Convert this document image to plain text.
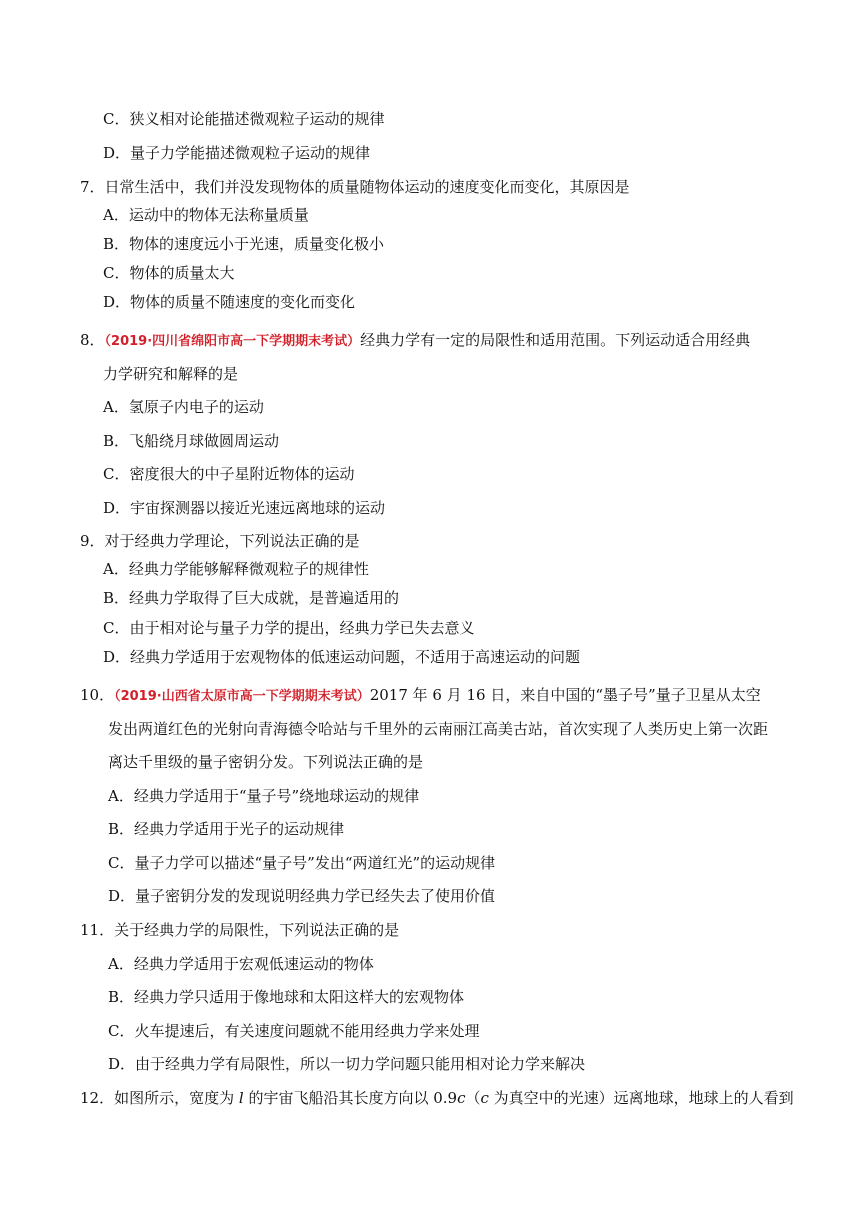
C．狭义相对论能描述微观粒子运动的规律
D．量子力学能描述微观粒子运动的规律
7．日常生活中，我们并没发现物体的质量随物体运动的速度变化而变化，其原因是
A．运动中的物体无法称量质量
B．物体的速度远小于光速，质量变化极小
C．物体的质量太大
D．物体的质量不随速度的变化而变化
8．（2019·四川省绵阳市高一下学期期末考试）经典力学有一定的局限性和适用范围。下列运动适合用经典
力学研究和解释的是
A．氢原子内电子的运动
B．飞船绕月球做圆周运动
C．密度很大的中子星附近物体的运动
D．宇宙探测器以接近光速远离地球的运动
9．对于经典力学理论，下列说法正确的是
A．经典力学能够解释微观粒子的规律性
B．经典力学取得了巨大成就，是普遍适用的
C．由于相对论与量子力学的提出，经典力学已失去意义
D．经典力学适用于宏观物体的低速运动问题，不适用于高速运动的问题
10．（2019·山西省太原市高一下学期期末考试）2017 年 6 月 16 日，来自中国的“墨子号”量子卫星从太空
发出两道红色的光射向青海德令哈站与千里外的云南丽江高美古站，首次实现了人类历史上第一次距
离达千里级的量子密钥分发。下列说法正确的是
A．经典力学适用于“量子号”绕地球运动的规律
B．经典力学适用于光子的运动规律
C．量子力学可以描述“量子号”发出“两道红光”的运动规律
D．量子密钥分发的发现说明经典力学已经失去了使用价值
11．关于经典力学的局限性，下列说法正确的是
A．经典力学适用于宏观低速运动的物体
B．经典力学只适用于像地球和太阳这样大的宏观物体
C．火车提速后，有关速度问题就不能用经典力学来处理
D．由于经典力学有局限性，所以一切力学问题只能用相对论力学来解决
12．如图所示，宽度为 l 的宇宙飞船沿其长度方向以 0.9c（c 为真空中的光速）远离地球，地球上的人看到
